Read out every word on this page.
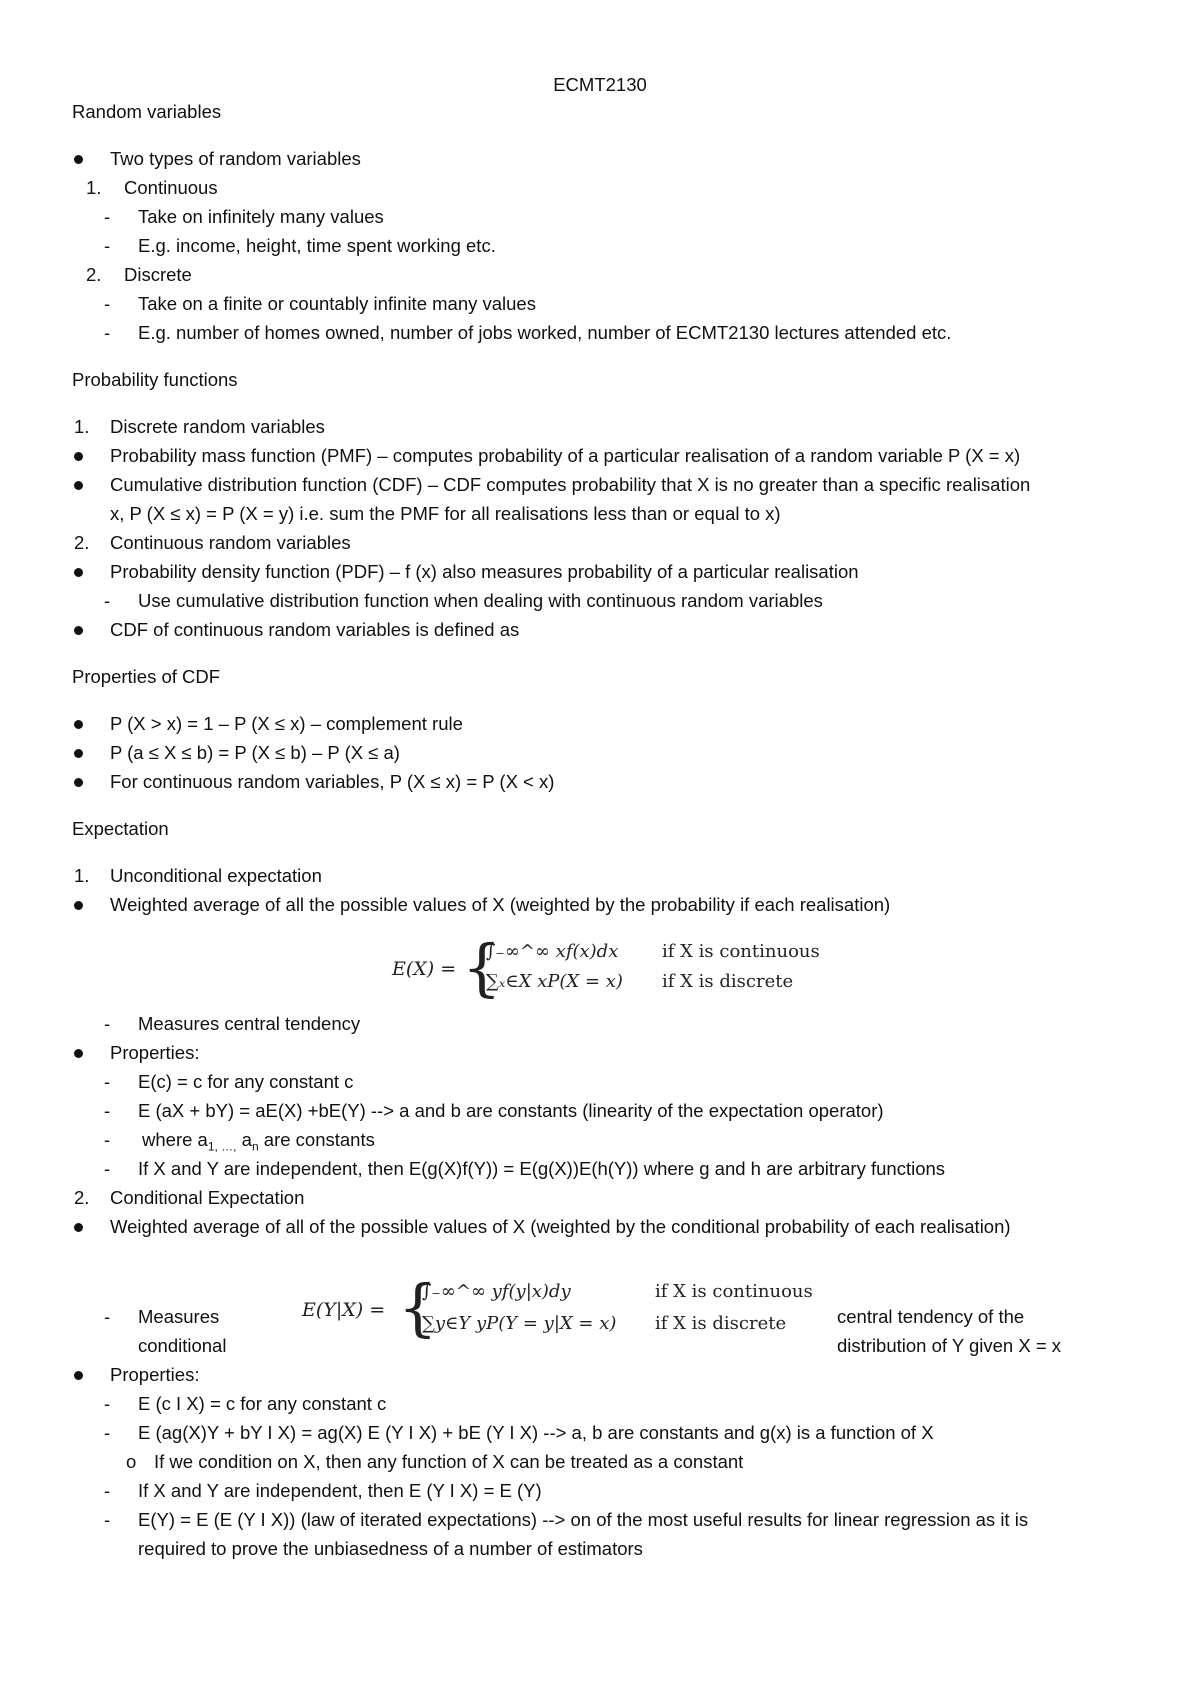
ECMT2130
Random variables
Two types of random variables
1. Continuous
- Take on infinitely many values
- E.g. income, height, time spent working etc.
2. Discrete
- Take on a finite or countably infinite many values
- E.g. number of homes owned, number of jobs worked, number of ECMT2130 lectures attended etc.
Probability functions
1. Discrete random variables
Probability mass function (PMF) – computes probability of a particular realisation of a random variable P (X = x)
Cumulative distribution function (CDF) – CDF computes probability that X is no greater than a specific realisation
x, P (X ≤ x) = P (X = y) i.e. sum the PMF for all realisations less than or equal to x)
2. Continuous random variables
Probability density function (PDF) – f (x) also measures probability of a particular realisation
- Use cumulative distribution function when dealing with continuous random variables
CDF of continuous random variables is defined as
Properties of CDF
P (X > x) = 1 – P (X ≤ x) – complement rule
P (a ≤ X ≤ b) = P (X ≤ b) – P (X ≤ a)
For continuous random variables, P (X ≤ x) = P (X < x)
Expectation
1. Unconditional expectation
Weighted average of all the possible values of X (weighted by the probability if each realisation)
E(X) = {
∫₋∞^∞ xf(x)dx
∑ₓ∈X xP(X = x)
if X is continuous
if X is discrete
- Measures central tendency
Properties:
- E(c) = c for any constant c
- E (aX + bY) = aE(X) +bE(Y) --> a and b are constants (linearity of the expectation operator)
- where $a_{1, \dots,}$ $a_n$ are constants
- If X and Y are independent, then E(g(X)f(Y)) = E(g(X))E(h(Y)) where g and h are arbitrary functions
2. Conditional Expectation
Weighted average of all of the possible values of X (weighted by the conditional probability of each realisation)
- Measures
conditional
E(Y|X) = {
∫₋∞^∞ yf(y|x)dy
∑y∈Y yP(Y = y|X = x)
if X is continuous
if X is discrete	central tendency of the
distribution of Y given X = x
Properties:
- E (c I X) = c for any constant c
- E (ag(X)Y + bY I X) = ag(X) E (Y I X) + bE (Y I X) --> a, b are constants and g(x) is a function of X
o If we condition on X, then any function of X can be treated as a constant
- If X and Y are independent, then E (Y I X) = E (Y)
- E(Y) = E (E (Y I X)) (law of iterated expectations) --> on of the most useful results for linear regression as it is
required to prove the unbiasedness of a number of estimators
